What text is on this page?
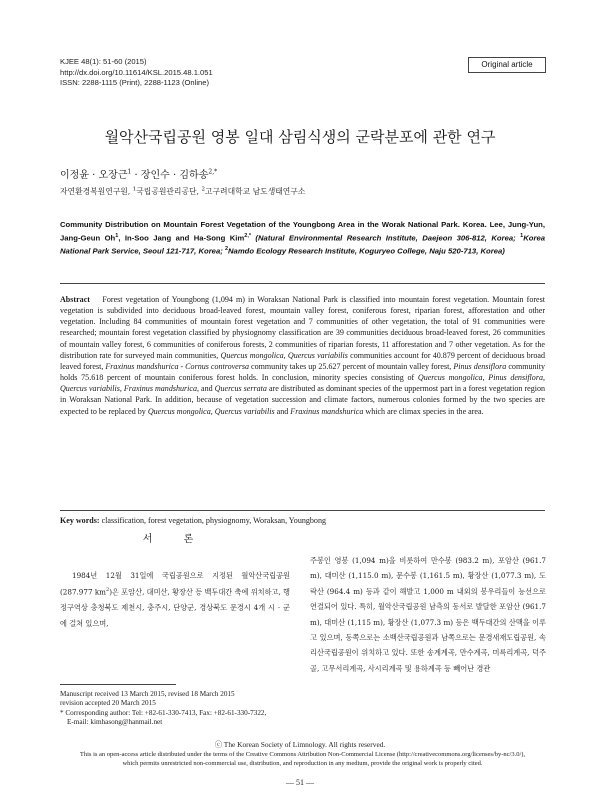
KJEE 48(1): 51-60 (2015)
http://dx.doi.org/10.11614/KSL.2015.48.1.051
ISSN: 2288-1115 (Print), 2288-1123 (Online)
Original article
월악산국립공원 영봉 일대 삼림식생의 군락분포에 관한 연구
이정윤 · 오장근$^1$ · 장인수 · 김하송$^{2,*}$
자연환경복원연구원, $^1$국립공원관리공단, $^2$고구려대학교 남도생태연구소
Community Distribution on Mountain Forest Vegetation of the Youngbong Area in the Worak National Park. Korea. Lee, Jung-Yun, Jang-Geun Oh$^1$, In-Soo Jang and Ha-Song Kim$^{2,*}$ (Natural Environmental Research Institute, Daejeon 306-812, Korea; $^1$Korea National Park Service, Seoul 121-717, Korea; $^2$Namdo Ecology Research Institute, Koguryeo College, Naju 520-713, Korea)
Abstract Forest vegetation of Youngbong (1,094 m) in Woraksan National Park is classified into mountain forest vegetation. Mountain forest vegetation is subdivided into deciduous broad-leaved forest, mountain valley forest, coniferous forest, riparian forest, afforestation and other vegetation. Including 84 communities of mountain forest vegetation and 7 communities of other vegetation, the total of 91 communities were researched; mountain forest vegetation classified by physiognomy classification are 39 communities deciduous broad-leaved forest, 26 communities of mountain valley forest, 6 communities of coniferous forests, 2 communities of riparian forests, 11 afforestation and 7 other vegetation. As for the distribution rate for surveyed main communities, Quercus mongolica, Quercus variabilis communities account for 40.879 percent of deciduous broad leaved forest, Fraxinus mandshurica - Cornus controversa community takes up 25.627 percent of mountain valley forest, Pinus densiflora community holds 75.618 percent of mountain coniferous forest holds. In conclusion, minority species consisting of Quercus mongolica, Pinus densiflora, Quercus variabilis, Fraxinus mandshurica, and Quercus serrata are distributed as dominant species of the uppermost part in a forest vegetation region in Woraksan National Park. In addition, because of vegetation succession and climate factors, numerous colonies formed by the two species are expected to be replaced by Quercus mongolica, Quercus variabilis and Fraxinus mandshurica which are climax species in the area.
Key words: classification, forest vegetation, physiognomy, Woraksan, Youngbong
서 론

1984년 12월 31일에 국립공원으로 지정된 월악산국립공원 (287.977 $km^2$)은 포암산, 대미산, 황장산 등 백두대간 축에 위치하고, 행정구역상 충청북도 제천시, 충주시, 단양군, 경상북도 문경시 4개 시 · 군에 걸쳐 있으며,

Manuscript received 13 March 2015, revised 18 March 2015
revision accepted 20 March 2015
* Corresponding author: Tel: +82-61-330-7413, Fax: +82-61-330-7322,
E-mail: kimhasong@hanmail.net
주봉인 영봉 (1,094 m)을 비롯하여 만수봉 (983.2 m), 포암산 (961.7 m), 대미산 (1,115.0 m), 문수봉 (1,161.5 m), 황장산 (1,077.3 m), 도락산 (964.4 m) 등과 같이 해발고 1,000 m 내외의 봉우리들이 능선으로 연결되어 있다. 특히, 월악산국립공원 남측의 동서로 발달한 포암산 (961.7 m), 대미산 (1,115 m), 황장산 (1,077.3 m) 등은 백두대간의 산맥을 이루고 있으며, 동쪽으로는 소백산국립공원과 남쪽으로는 문경새재도립공원, 속리산국립공원이 위치하고 있다. 또한 송계계곡, 만수계곡, 미륵리계곡, 덕주골, 고무서리계곡, 사시리계곡 및 용하계곡 등 빼어난 경관
ⓒ The Korean Society of Limnology. All rights reserved.
This is an open-access article distributed under the terms of the Creative Commons Attribution Non-Commercial License (http://creativecommons.org/licenses/by-nc/3.0/),
which permits unrestricted non-commercial use, distribution, and reproduction in any medium, provide the original work is properly cited.
— 51 —
